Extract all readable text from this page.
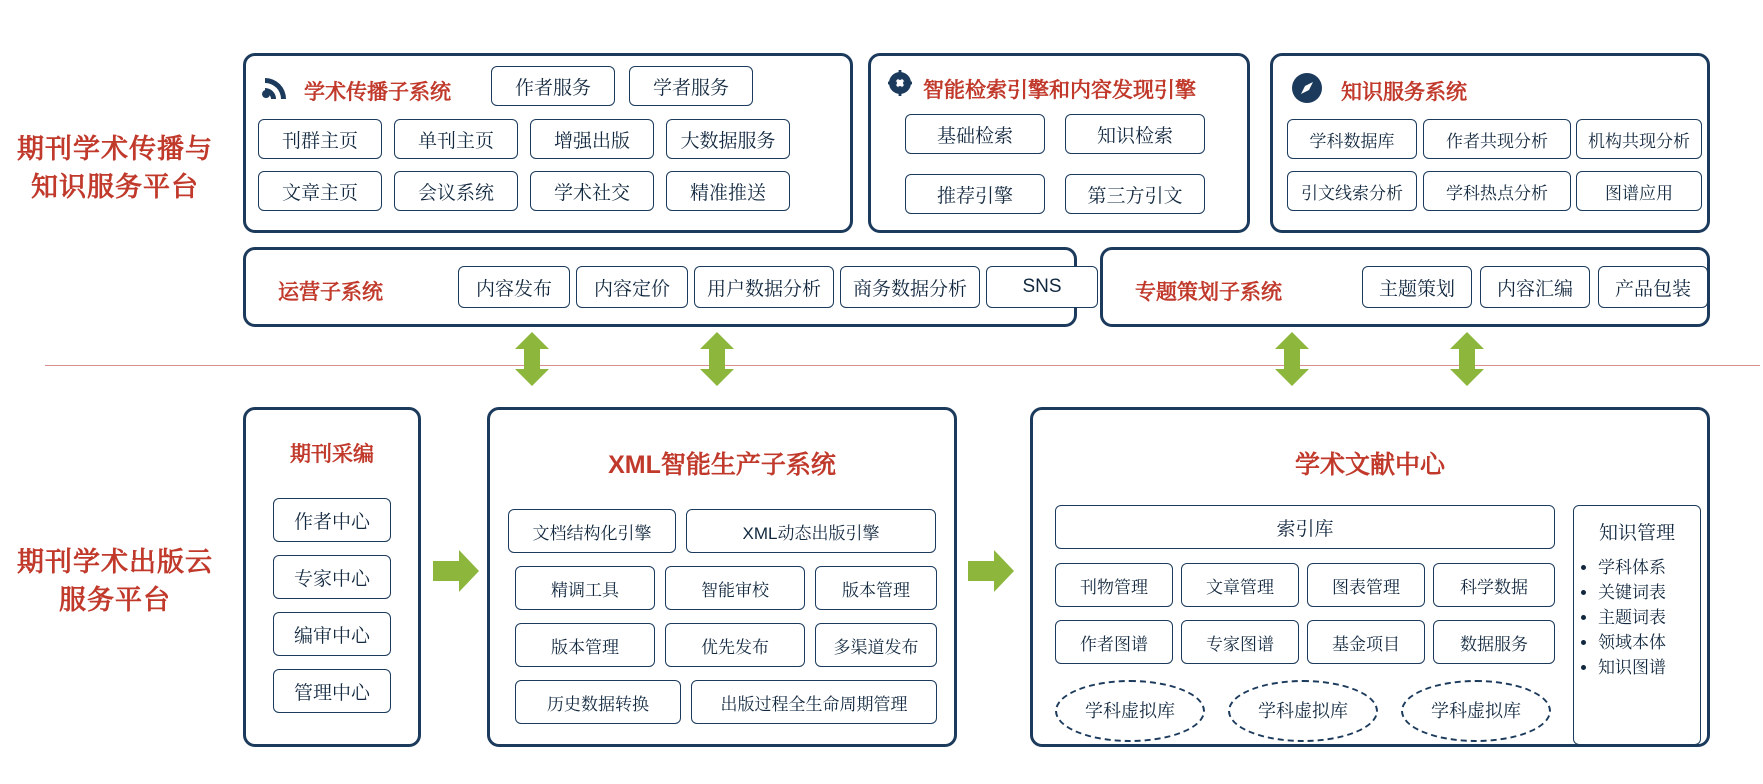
期刊学术传播与知识服务平台
期刊学术出版云服务平台
学术传播子系统	作者服务	学者服务
刊群主页	单刊主页	增强出版	大数据服务
文章主页	会议系统	学术社交	精准推送
智能检索引擎和内容发现引擎
基础检索	知识检索
推荐引擎	第三方引文
知识服务系统
学科数据库	作者共现分析	机构共现分析
引文线索分析	学科热点分析	图谱应用
运营子系统	内容发布	内容定价	用户数据分析	商务数据分析	SNS	专题策划子系统	主题策划	内容汇编	产品包装
期刊采编
作者中心
专家中心
编审中心
管理中心
XML智能生产子系统
文档结构化引擎	XML动态出版引擎
精调工具	智能审校	版本管理
版本管理	优先发布	多渠道发布
历史数据转换	出版过程全生命周期管理
学术文献中心
索引库
刊物管理	文章管理	图表管理	科学数据
作者图谱	专家图谱	基金项目	数据服务
学科虚拟库	学科虚拟库	学科虚拟库
知识管理
• 学科体系
• 关键词表
• 主题词表
• 领域本体
• 知识图谱
